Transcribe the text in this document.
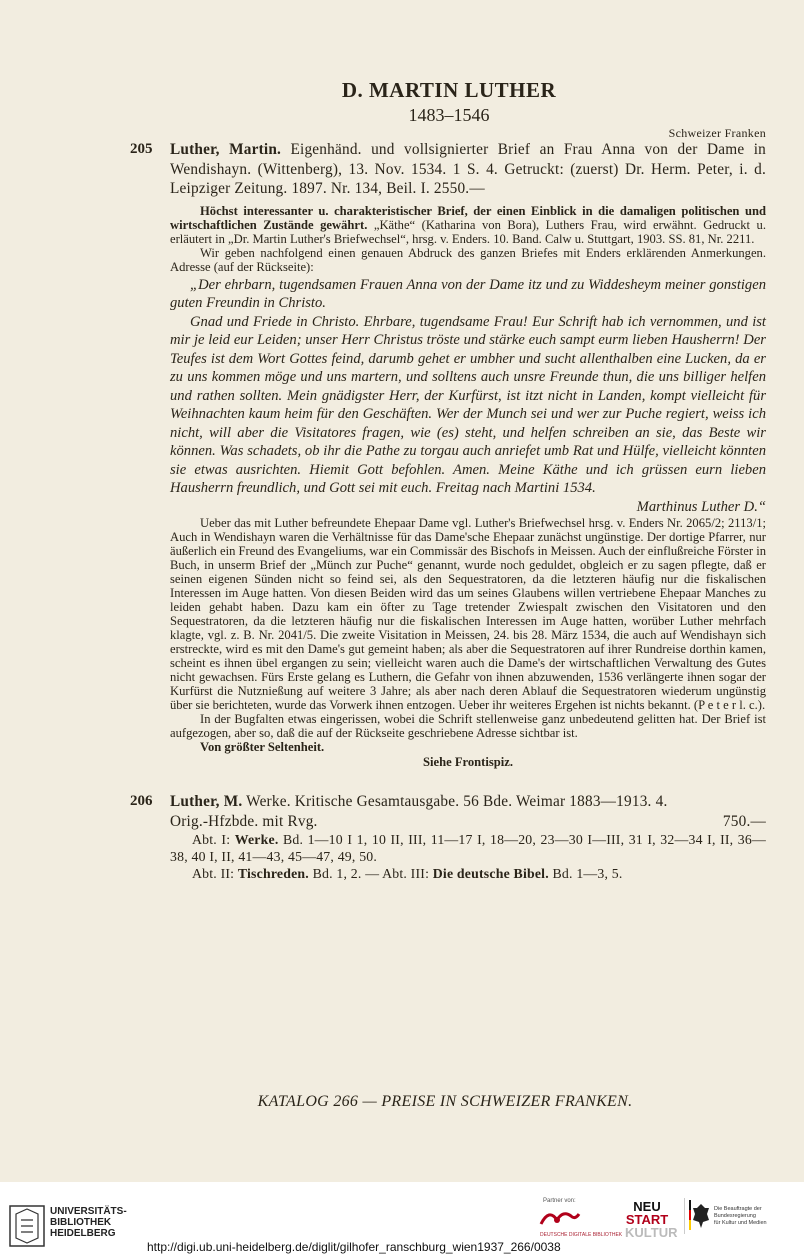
D. MARTIN LUTHER
1483–1546
Schweizer Franken
205 Luther, Martin. Eigenhänd. und vollsignierter Brief an Frau Anna von der Dame in Wendishayn. (Wittenberg), 13. Nov. 1534. 1 S. 4. Getruckt: (zuerst) Dr. Herm. Peter, i. d. Leipziger Zeitung. 1897. Nr. 134, Beil. I. 2550.—
Höchst interessanter u. charakteristischer Brief, der einen Einblick in die damaligen politischen und wirtschaftlichen Zustände gewährt. „Käthe“ (Katharina von Bora), Luthers Frau, wird erwähnt. Gedruckt u. erläutert in „Dr. Martin Luther's Briefwechsel“, hrsg. v. Enders. 10. Band. Calw u. Stuttgart, 1903. SS. 81, Nr. 2211.
Wir geben nachfolgend einen genauen Abdruck des ganzen Briefes mit Enders erklärenden Anmerkungen. Adresse (auf der Rückseite):
„Der ehrbarn, tugendsamen Frauen Anna von der Dame itz und zu Widdesheym meiner gonstigen guten Freundin in Christo.
Gnad und Friede in Christo. Ehrbare, tugendsame Frau! Eur Schrift hab ich vernommen, und ist mir je leid eur Leiden; unser Herr Christus tröste und stärke euch sampt eurm lieben Hausherrn! Der Teufes ist dem Wort Gottes feind, darumb gehet er umbher und sucht allenthalben eine Lucken, da er zu uns kommen möge und uns martern, und solltens auch unsre Freunde thun, die uns billiger helfen und rathen sollten. Mein gnädigster Herr, der Kurfürst, ist itzt nicht in Landen, kompt vielleicht für Weihnachten kaum heim für den Geschäften. Wer der Munch sei und wer zur Puche regiert, weiss ich nicht, will aber die Visitatores fragen, wie (es) steht, und helfen schreiben an sie, das Beste wir können. Was schadets, ob ihr die Pathe zu torgau auch anriefet umb Rat und Hülfe, vielleicht könnten sie etwas ausrichten. Hiemit Gott befohlen. Amen. Meine Käthe und ich grüssen eurn lieben Hausherrn freundlich, und Gott sei mit euch. Freitag nach Martini 1534.
Marthinus Luther D.“
Ueber das mit Luther befreundete Ehepaar Dame vgl. Luther's Briefwechsel hrsg. v. Enders Nr. 2065/2; 2113/1; Auch in Wendishayn waren die Verhältnisse für das Dame'sche Ehepaar zunächst ungünstige. Der dortige Pfarrer, nur äußerlich ein Freund des Evangeliums, war ein Commissär des Bischofs in Meissen. Auch der einflußreiche Förster in Buch, in unserm Brief der „Münch zur Puche“ genannt, wurde noch geduldet, obgleich er zu sagen pflegte, daß er seinen eigenen Sünden nicht so feind sei, als den Sequestratoren, da die letzteren häufig nur die fiskalischen Interessen im Auge hatten. Von diesen Beiden wird das um seines Glaubens willen vertriebene Ehepaar Manches zu leiden gehabt haben. Dazu kam ein öfter zu Tage tretender Zwiespalt zwischen den Visitatoren und den Sequestratoren, da die letzteren häufig nur die fiskalischen Interessen im Auge hatten, worüber Luther mehrfach klagte, vgl. z. B. Nr. 2041/5. Die zweite Visitation in Meissen, 24. bis 28. März 1534, die auch auf Wendishayn sich erstreckte, wird es mit den Dame's gut gemeint haben; als aber die Sequestratoren auf ihrer Rundreise dorthin kamen, scheint es ihnen übel ergangen zu sein; vielleicht waren auch die Dame's der wirtschaftlichen Verwaltung des Gutes nicht gewachsen. Fürs Erste gelang es Luthern, die Gefahr von ihnen abzuwenden, 1536 verlängerte ihnen sogar der Kurfürst die Nutznießung auf weitere 3 Jahre; als aber nach deren Ablauf die Sequestratoren wiederum ungünstig über sie berichteten, wurde das Vorwerk ihnen entzogen. Ueber ihr weiteres Ergehen ist nichts bekannt. (P e t e r l. c.).
In der Bugfalten etwas eingerissen, wobei die Schrift stellenweise ganz unbedeutend gelitten hat. Der Brief ist aufgezogen, aber so, daß die auf der Rückseite geschriebene Adresse sichtbar ist.
Von größter Seltenheit.
Siehe Frontispiz.
206 Luther, M. Werke. Kritische Gesamtausgabe. 56 Bde. Weimar 1883—1913. 4.
Orig.-Hfzbde. mit Rvg.	750.—
Abt. I: Werke. Bd. 1—10 I 1, 10 II, III, 11—17 I, 18—20, 23—30 I—III, 31 I, 32—34 I, II, 36—38, 40 I, II, 41—43, 45—47, 49, 50.
Abt. II: Tischreden. Bd. 1, 2. — Abt. III: Die deutsche Bibel. Bd. 1—3, 5.
KATALOG 266 — PREISE IN SCHWEIZER FRANKEN.
UNIVERSITÄTS-
BIBLIOTHEK
HEIDELBERG
Partner von:
DEUTSCHE DIGITALE BIBLIOTHEK
NEU
START
KULTUR
Die Beauftragte der Bundesregierung
für Kultur und Medien
http://digi.ub.uni-heidelberg.de/diglit/gilhofer_ranschburg_wien1937_266/0038
